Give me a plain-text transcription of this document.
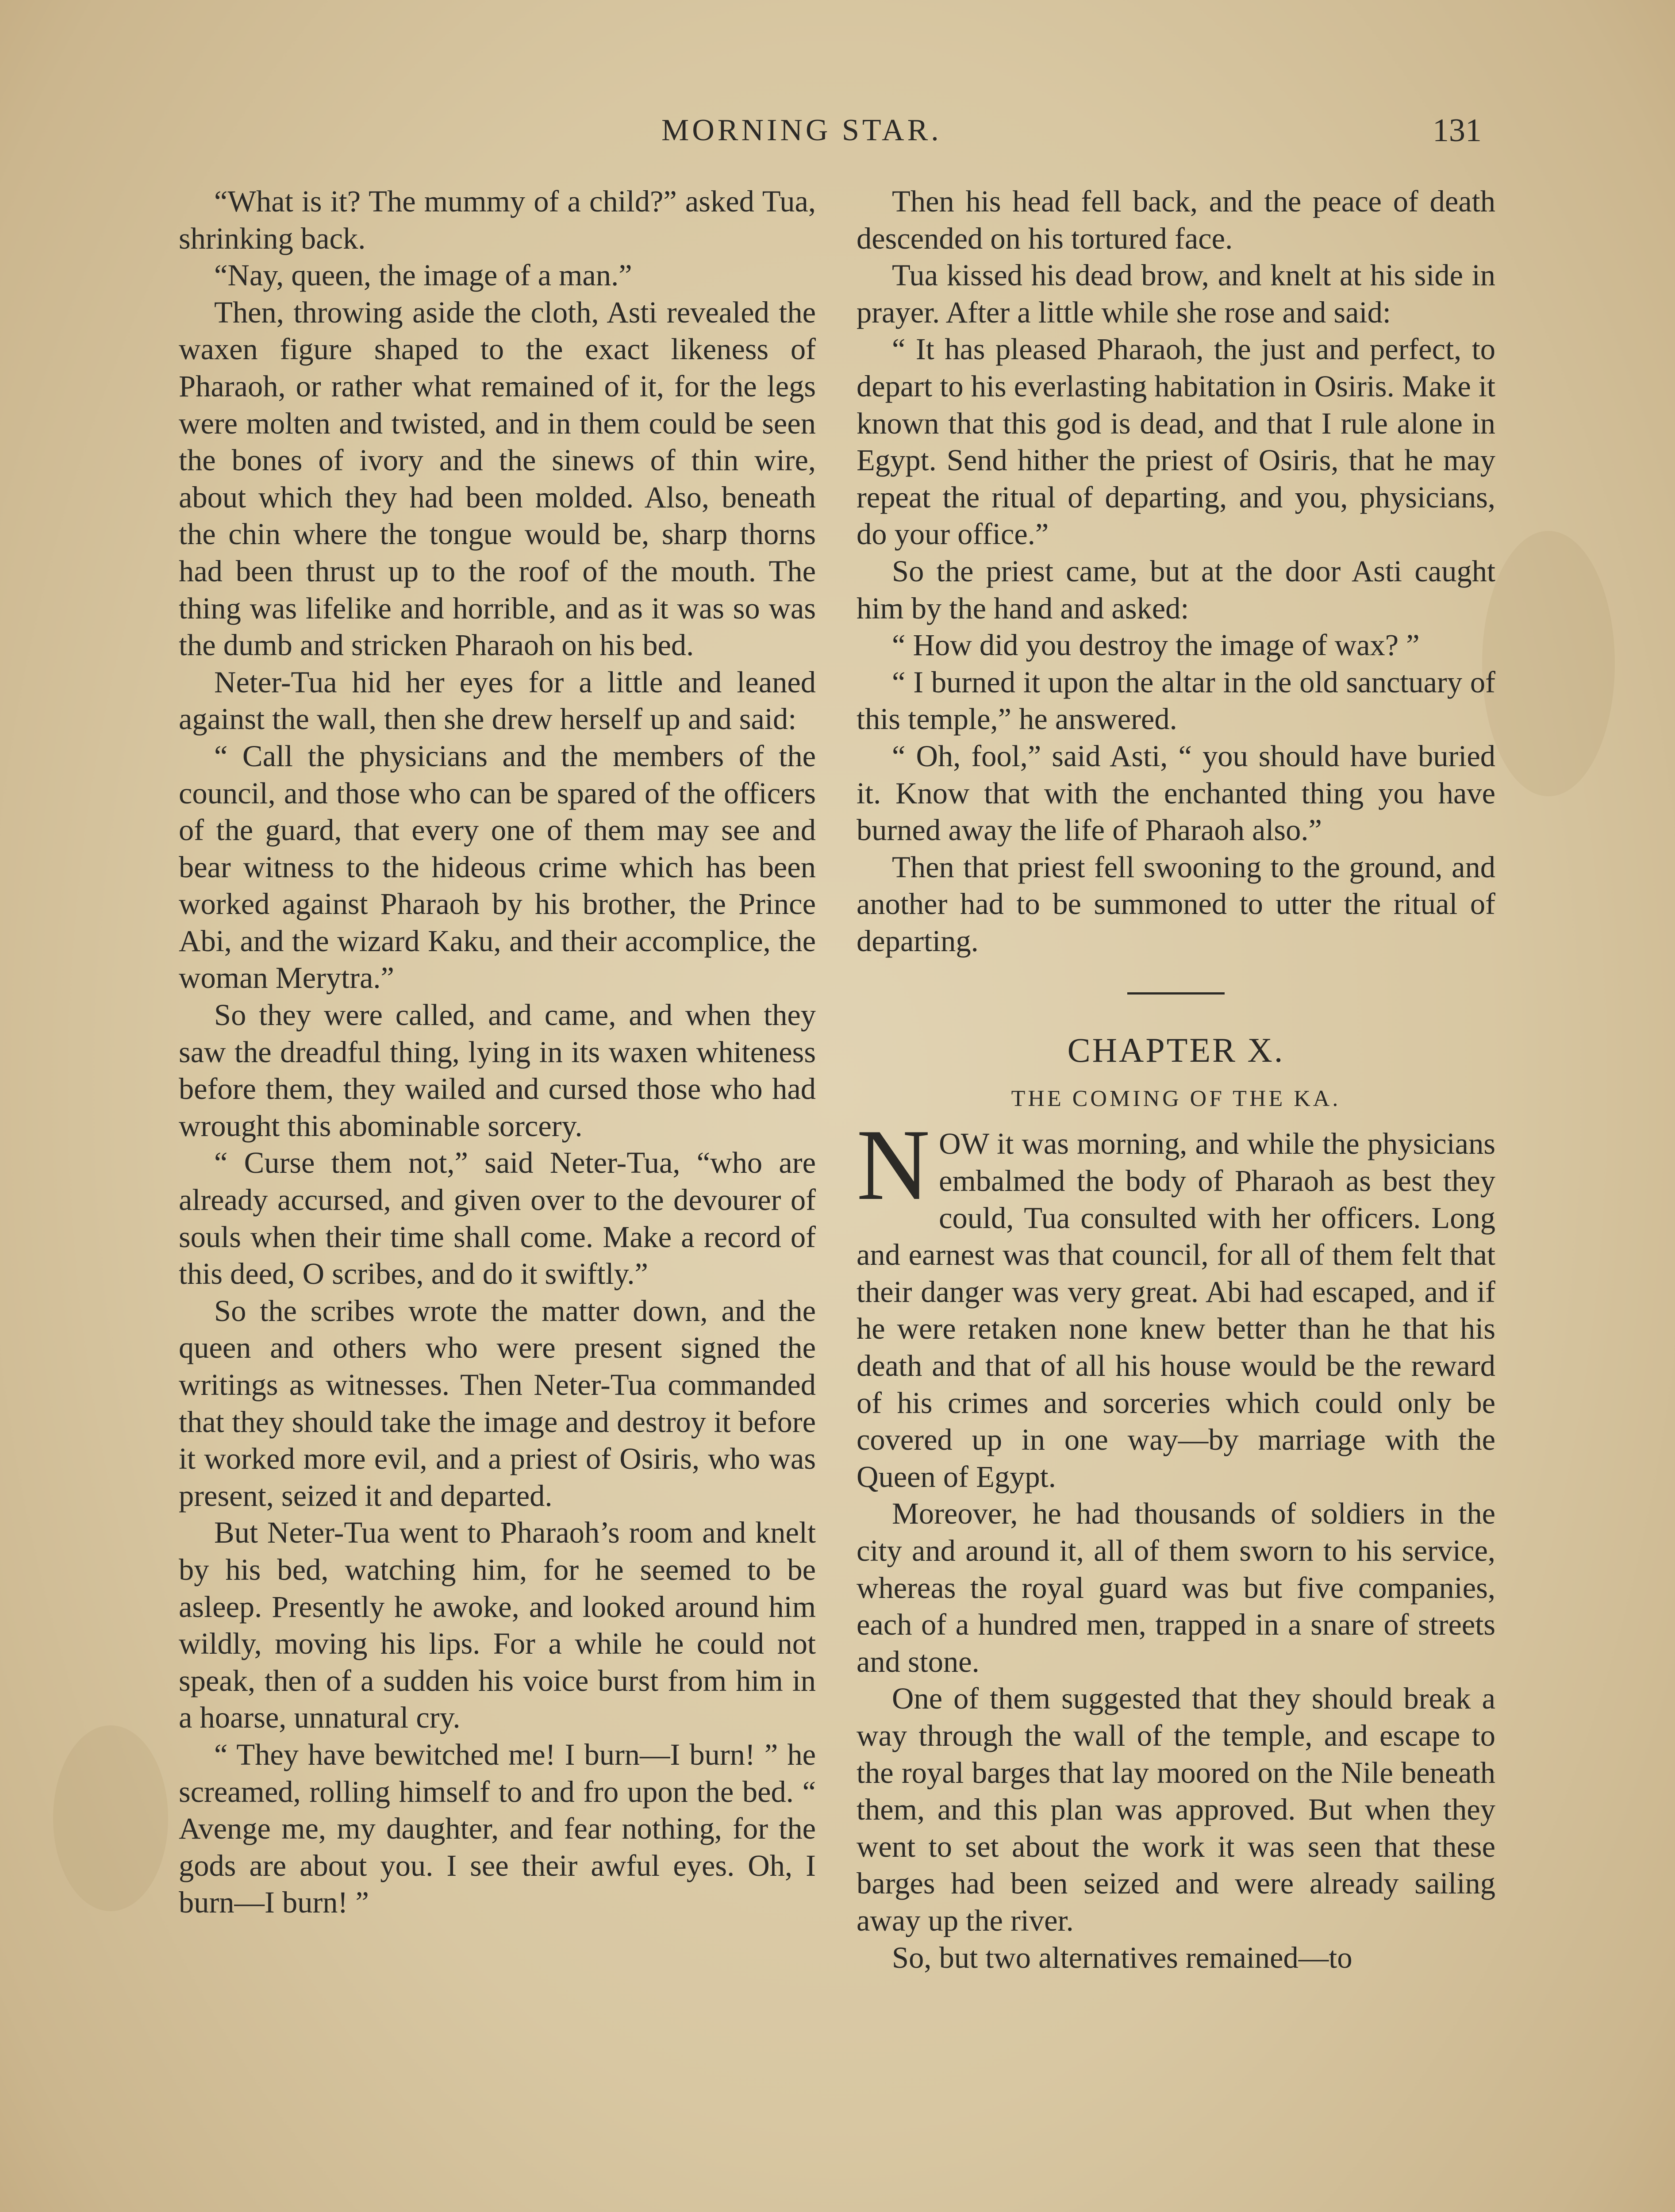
MORNING STAR.	131

“What is it? The mummy of a child?” asked Tua, shrinking back.

“Nay, queen, the image of a man.”

Then, throwing aside the cloth, Asti revealed the waxen figure shaped to the exact likeness of Pharaoh, or rather what remained of it, for the legs were molten and twisted, and in them could be seen the bones of ivory and the sinews of thin wire, about which they had been molded. Also, beneath the chin where the tongue would be, sharp thorns had been thrust up to the roof of the mouth. The thing was lifelike and horrible, and as it was so was the dumb and stricken Pharaoh on his bed.

Neter-Tua hid her eyes for a little and leaned against the wall, then she drew herself up and said:

“ Call the physicians and the members of the council, and those who can be spared of the officers of the guard, that every one of them may see and bear witness to the hideous crime which has been worked against Pharaoh by his brother, the Prince Abi, and the wizard Kaku, and their accomplice, the woman Merytra.”

So they were called, and came, and when they saw the dreadful thing, lying in its waxen whiteness before them, they wailed and cursed those who had wrought this abominable sorcery.

“ Curse them not,” said Neter-Tua, “who are already accursed, and given over to the devourer of souls when their time shall come. Make a record of this deed, O scribes, and do it swiftly.”

So the scribes wrote the matter down, and the queen and others who were present signed the writings as witnesses. Then Neter-Tua commanded that they should take the image and destroy it before it worked more evil, and a priest of Osiris, who was present, seized it and departed.

But Neter-Tua went to Pharaoh’s room and knelt by his bed, watching him, for he seemed to be asleep. Presently he awoke, and looked around him wildly, moving his lips. For a while he could not speak, then of a sudden his voice burst from him in a hoarse, unnatural cry.

“ They have bewitched me! I burn—I burn! ” he screamed, rolling himself to and fro upon the bed. “ Avenge me, my daughter, and fear nothing, for the gods are about you. I see their awful eyes. Oh, I burn—I burn! ”

Then his head fell back, and the peace of death descended on his tortured face.

Tua kissed his dead brow, and knelt at his side in prayer. After a little while she rose and said:

“ It has pleased Pharaoh, the just and perfect, to depart to his everlasting habitation in Osiris. Make it known that this god is dead, and that I rule alone in Egypt. Send hither the priest of Osiris, that he may repeat the ritual of departing, and you, physicians, do your office.”

So the priest came, but at the door Asti caught him by the hand and asked:

“ How did you destroy the image of wax? ”

“ I burned it upon the altar in the old sanctuary of this temple,” he answered.

“ Oh, fool,” said Asti, “ you should have buried it. Know that with the enchanted thing you have burned away the life of Pharaoh also.”

Then that priest fell swooning to the ground, and another had to be summoned to utter the ritual of departing.

CHAPTER X.
THE COMING OF THE KA.

NOW it was morning, and while the physicians embalmed the body of Pharaoh as best they could, Tua consulted with her officers. Long and earnest was that council, for all of them felt that their danger was very great. Abi had escaped, and if he were retaken none knew better than he that his death and that of all his house would be the reward of his crimes and sorceries which could only be covered up in one way—by marriage with the Queen of Egypt.

Moreover, he had thousands of soldiers in the city and around it, all of them sworn to his service, whereas the royal guard was but five companies, each of a hundred men, trapped in a snare of streets and stone.

One of them suggested that they should break a way through the wall of the temple, and escape to the royal barges that lay moored on the Nile beneath them, and this plan was approved. But when they went to set about the work it was seen that these barges had been seized and were already sailing away up the river.

So, but two alternatives remained—to
